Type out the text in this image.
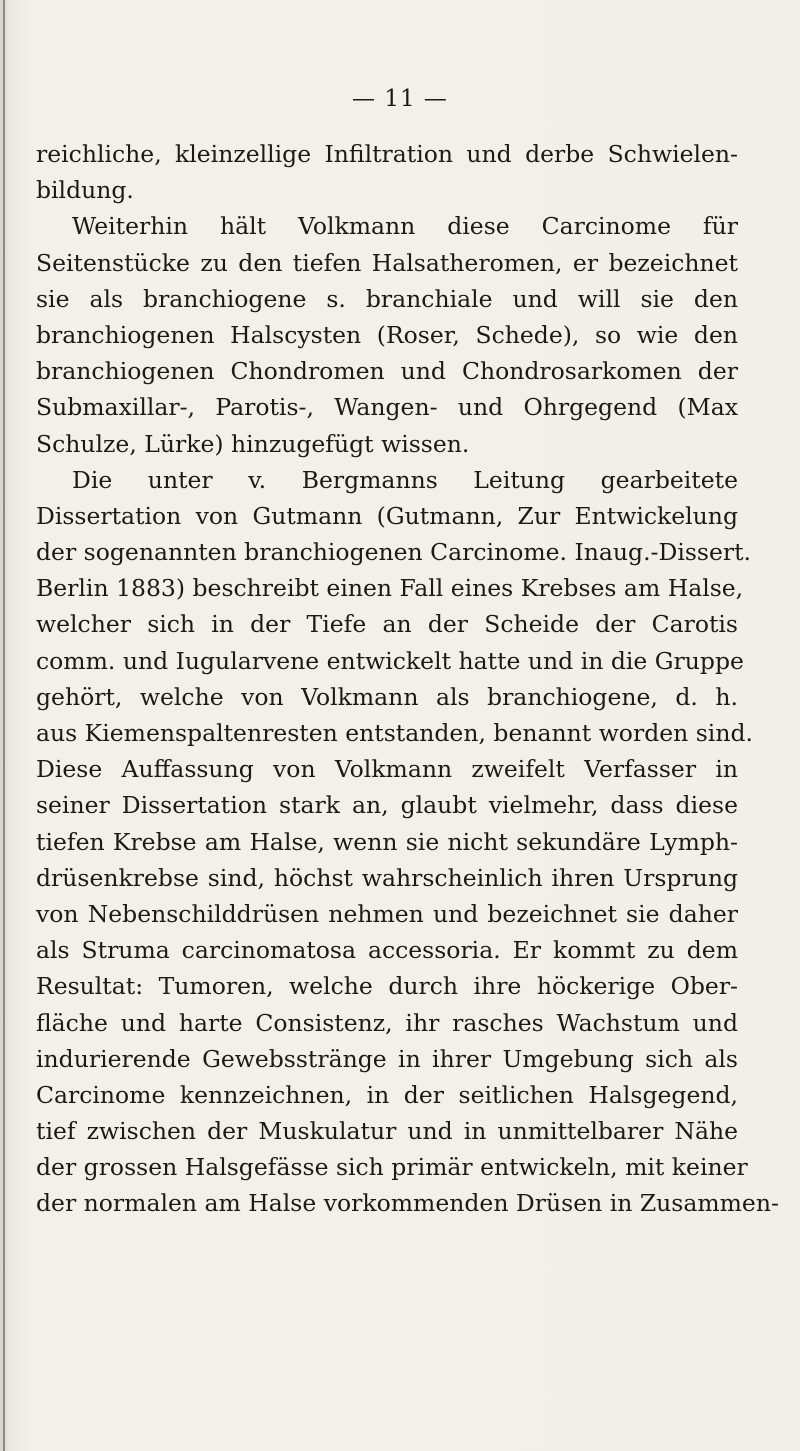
— 11 —
reichliche, kleinzellige Infiltration und derbe Schwielen-
bildung.
Weiterhin hält Volkmann diese Carcinome für
Seitenstücke zu den tiefen Halsatheromen, er bezeichnet
sie als branchiogene s. branchiale und will sie den
branchiogenen Halscysten (Roser, Schede), so wie den
branchiogenen Chondromen und Chondrosarkomen der
Submaxillar-, Parotis-, Wangen- und Ohrgegend (Max
Schulze, Lürke) hinzugefügt wissen.
Die unter v. Bergmanns Leitung gearbeitete
Dissertation von Gutmann (Gutmann, Zur Entwickelung
der sogenannten branchiogenen Carcinome. Inaug.-Dissert.
Berlin 1883) beschreibt einen Fall eines Krebses am Halse,
welcher sich in der Tiefe an der Scheide der Carotis
comm. und Iugularvene entwickelt hatte und in die Gruppe
gehört, welche von Volkmann als branchiogene, d. h.
aus Kiemenspaltenresten entstanden, benannt worden sind.
Diese Auffassung von Volkmann zweifelt Verfasser in
seiner Dissertation stark an, glaubt vielmehr, dass diese
tiefen Krebse am Halse, wenn sie nicht sekundäre Lymph-
drüsenkrebse sind, höchst wahrscheinlich ihren Ursprung
von Nebenschilddrüsen nehmen und bezeichnet sie daher
als Struma carcinomatosa accessoria. Er kommt zu dem
Resultat: Tumoren, welche durch ihre höckerige Ober-
fläche und harte Consistenz, ihr rasches Wachstum und
indurierende Gewebsstränge in ihrer Umgebung sich als
Carcinome kennzeichnen, in der seitlichen Halsgegend,
tief zwischen der Muskulatur und in unmittelbarer Nähe
der grossen Halsgefässe sich primär entwickeln, mit keiner
der normalen am Halse vorkommenden Drüsen in Zusammen-
